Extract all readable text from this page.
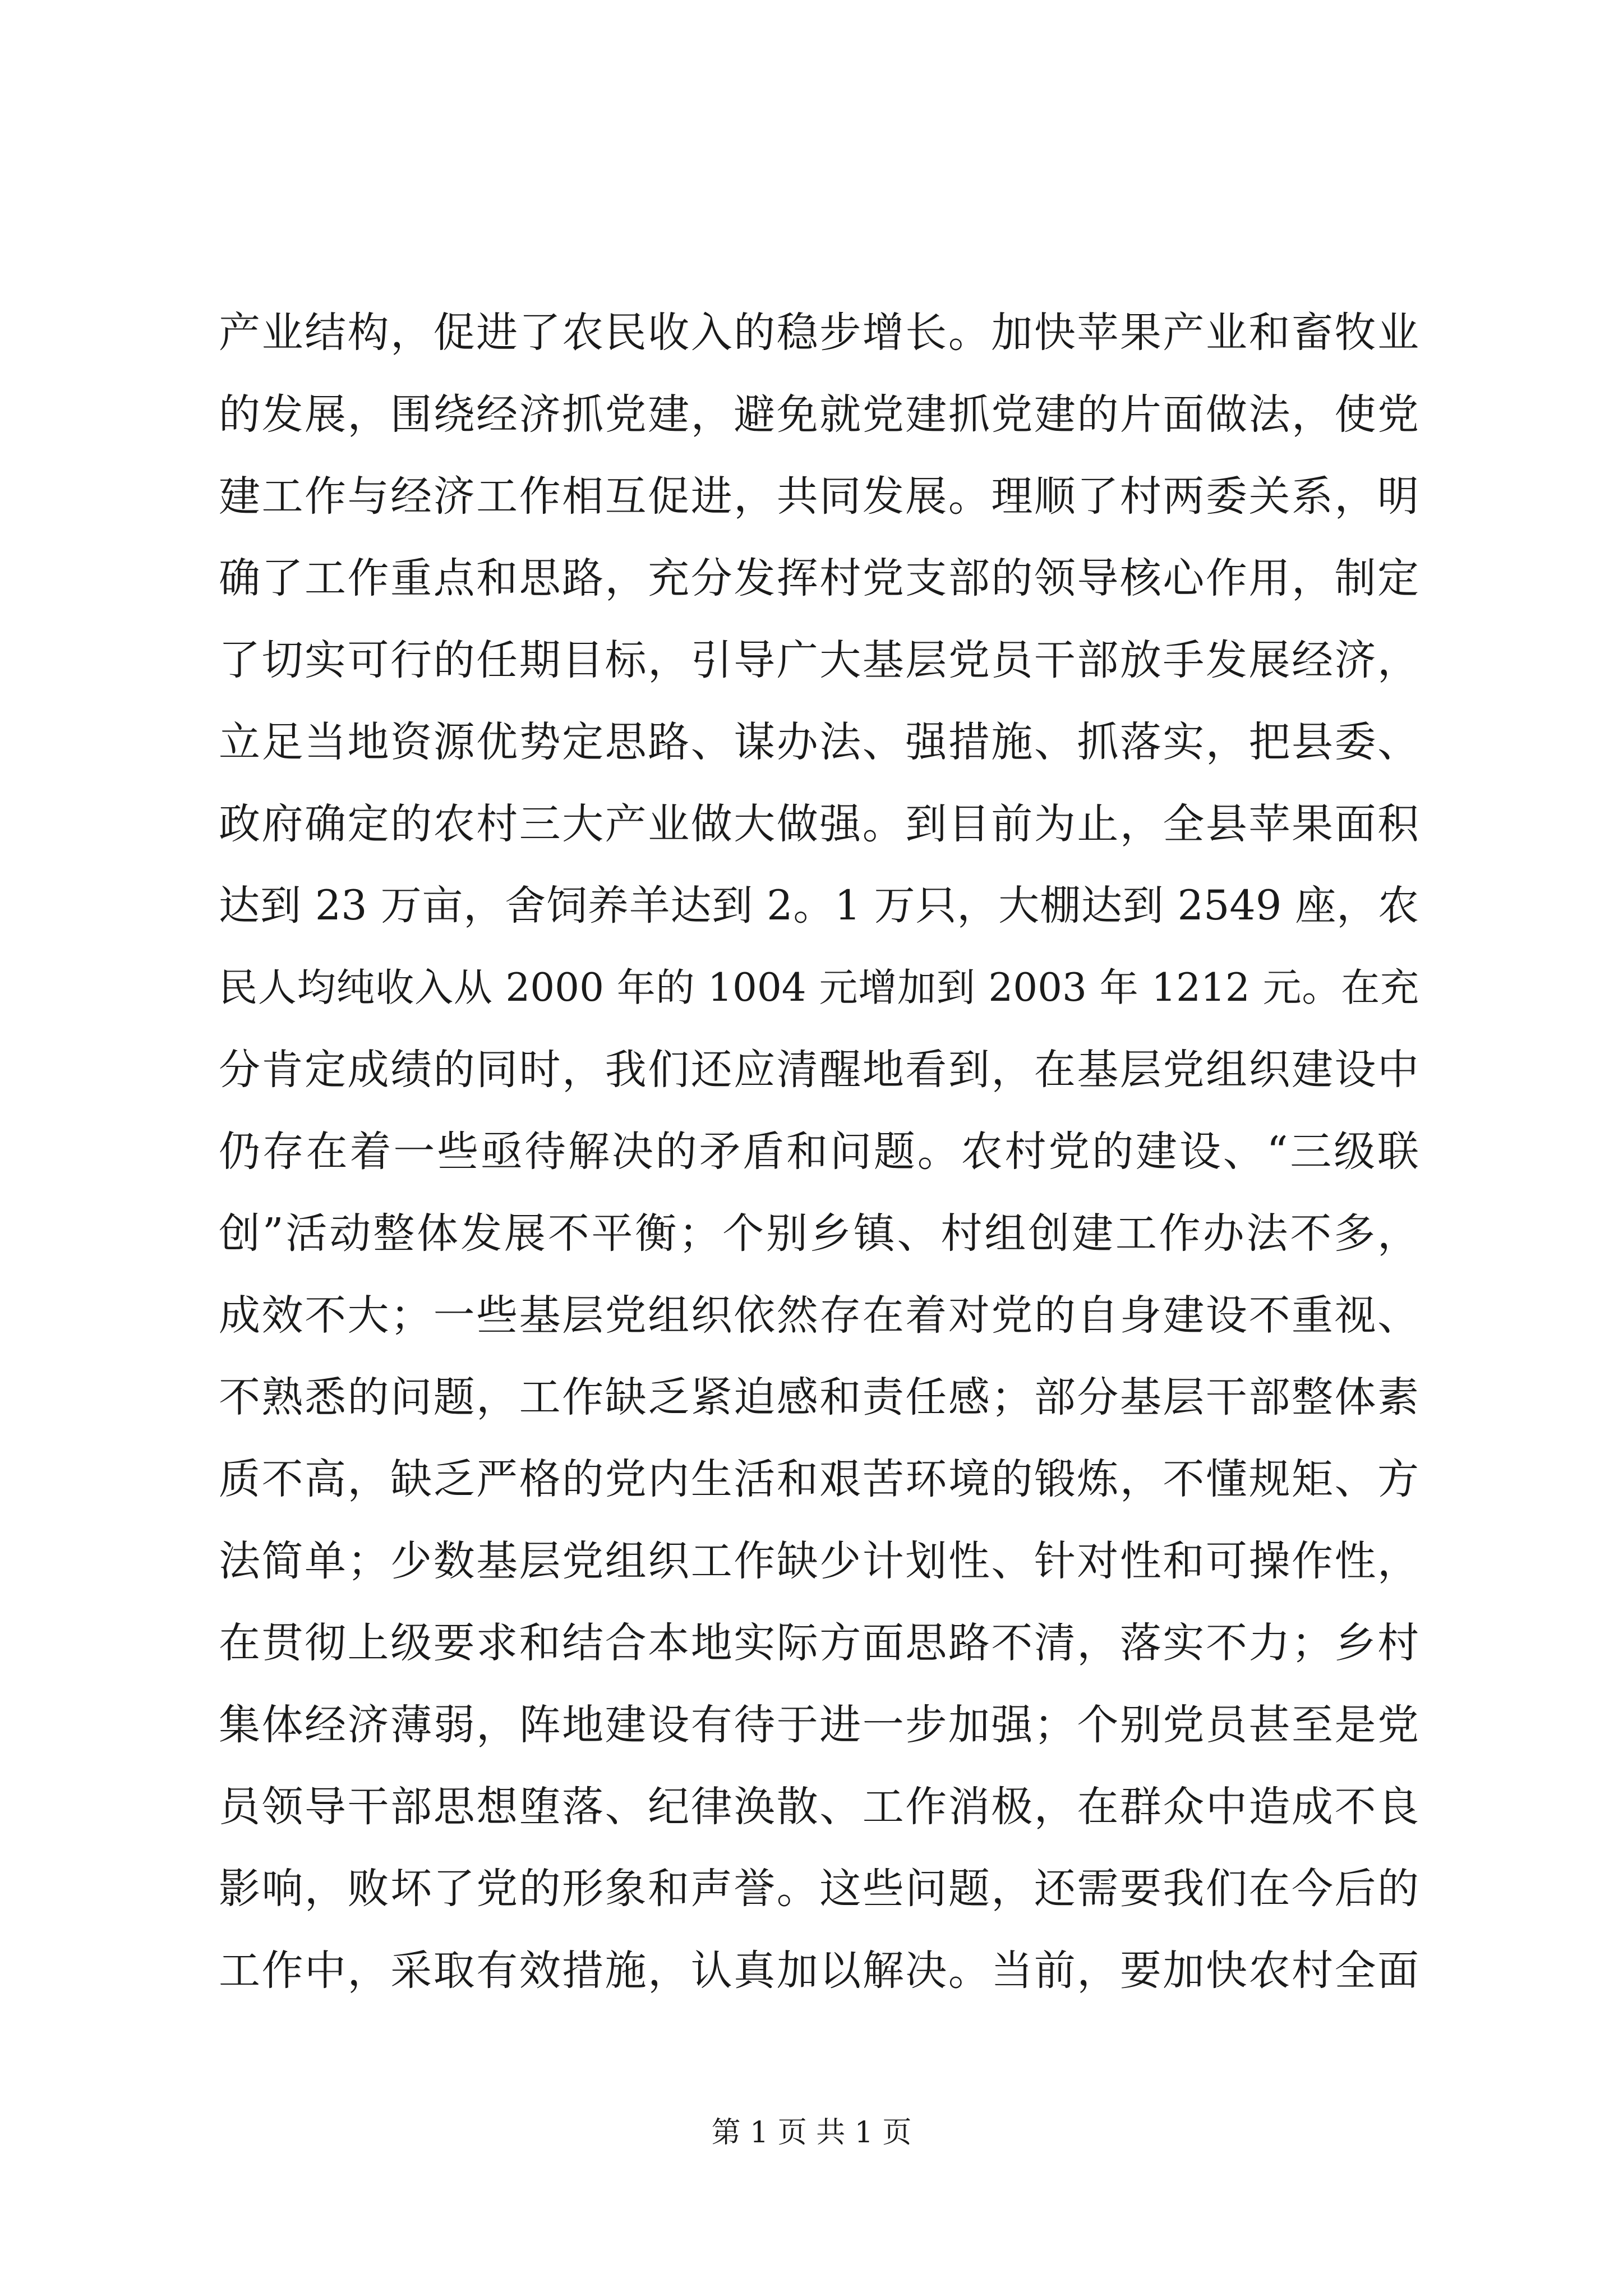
产业结构，促进了农民收入的稳步增长。加快苹果产业和畜牧业
的发展，围绕经济抓党建，避免就党建抓党建的片面做法，使党
建工作与经济工作相互促进，共同发展。理顺了村两委关系，明
确了工作重点和思路，充分发挥村党支部的领导核心作用，制定
了切实可行的任期目标，引导广大基层党员干部放手发展经济，
立足当地资源优势定思路、谋办法、强措施、抓落实，把县委、
政府确定的农村三大产业做大做强。到目前为止，全县苹果面积
达到 23 万亩，舍饲养羊达到 2。1 万只，大棚达到 2549 座，农
民人均纯收入从 2000 年的 1004 元增加到 2003 年 1212 元。在充
分肯定成绩的同时，我们还应清醒地看到，在基层党组织建设中
仍存在着一些亟待解决的矛盾和问题。农村党的建设、“三级联
创”活动整体发展不平衡；个别乡镇、村组创建工作办法不多，
成效不大；一些基层党组织依然存在着对党的自身建设不重视、
不熟悉的问题，工作缺乏紧迫感和责任感；部分基层干部整体素
质不高，缺乏严格的党内生活和艰苦环境的锻炼，不懂规矩、方
法简单；少数基层党组织工作缺少计划性、针对性和可操作性，
在贯彻上级要求和结合本地实际方面思路不清，落实不力；乡村
集体经济薄弱，阵地建设有待于进一步加强；个别党员甚至是党
员领导干部思想堕落、纪律涣散、工作消极，在群众中造成不良
影响，败坏了党的形象和声誉。这些问题，还需要我们在今后的
工作中，采取有效措施，认真加以解决。当前，要加快农村全面
第 1 页 共 1 页
